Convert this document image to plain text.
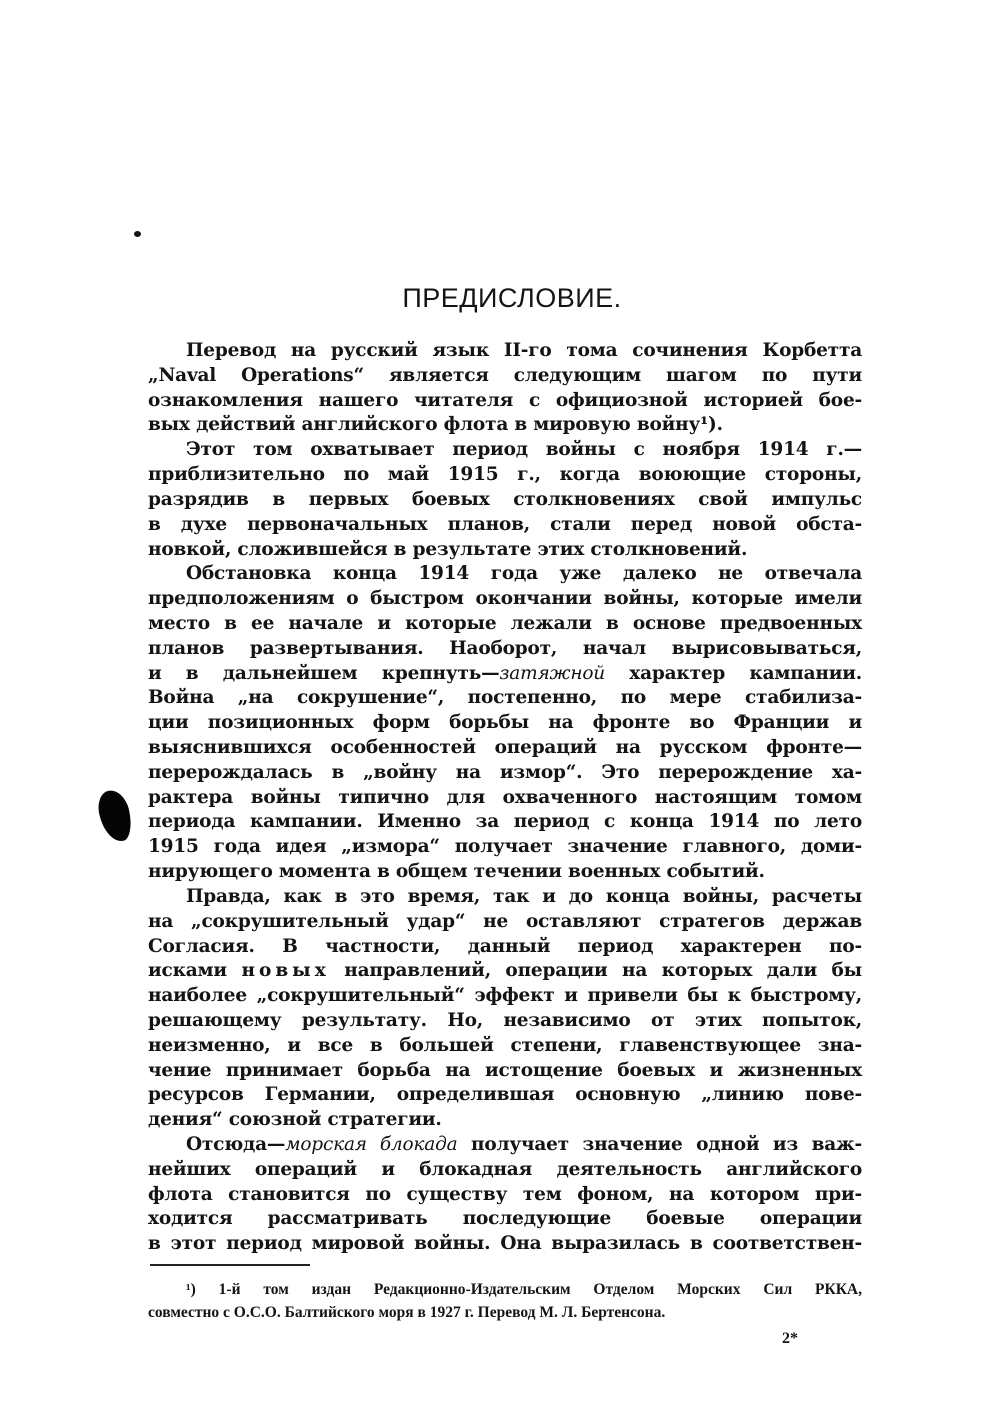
ПРЕДИСЛОВИЕ.
Перевод на русский язык II-го тома сочинения Корбетта
„Naval Operations“ является следующим шагом по пути
ознакомления нашего читателя с официозной историей бое-
вых действий английского флота в мировую войну¹).
Этот том охватывает период войны с ноября 1914 г.—
приблизительно по май 1915 г., когда воюющие стороны,
разрядив в первых боевых столкновениях свой импульс
в духе первоначальных планов, стали перед новой обста-
новкой, сложившейся в результате этих столкновений.
Обстановка конца 1914 года уже далеко не отвечала
предположениям о быстром окончании войны, которые имели
место в ее начале и которые лежали в основе предвоенных
планов развертывания. Наоборот, начал вырисовываться,
и в дальнейшем крепнуть—затяжной характер кампании.
Война „на сокрушение“, постепенно, по мере стабилиза-
ции позиционных форм борьбы на фронте во Франции и
выяснившихся особенностей операций на русском фронте—
перерождалась в „войну на измор“. Это перерождение ха-
рактера войны типично для охваченного настоящим томом
периода кампании. Именно за период с конца 1914 по лето
1915 года идея „измора“ получает значение главного, доми-
нирующего момента в общем течении военных событий.
Правда, как в это время, так и до конца войны, расчеты
на „сокрушительный удар“ не оставляют стратегов держав
Согласия. В частности, данный период характерен по-
исками новых направлений, операции на которых дали бы
наиболее „сокрушительный“ эффект и привели бы к быстрому,
решающему результату. Но, независимо от этих попыток,
неизменно, и все в большей степени, главенствующее зна-
чение принимает борьба на истощение боевых и жизненных
ресурсов Германии, определившая основную „линию пове-
дения“ союзной стратегии.
Отсюда—морская блокада получает значение одной из важ-
нейших операций и блокадная деятельность английского
флота становится по существу тем фоном, на котором при-
ходится рассматривать последующие боевые операции
в этот период мировой войны. Она выразилась в соответствен-
¹) 1-й том издан Редакционно-Издательским Отделом Морских Сил РККА,
совместно с О.С.О. Балтийского моря в 1927 г. Перевод М. Л. Бертенсона.
2*
